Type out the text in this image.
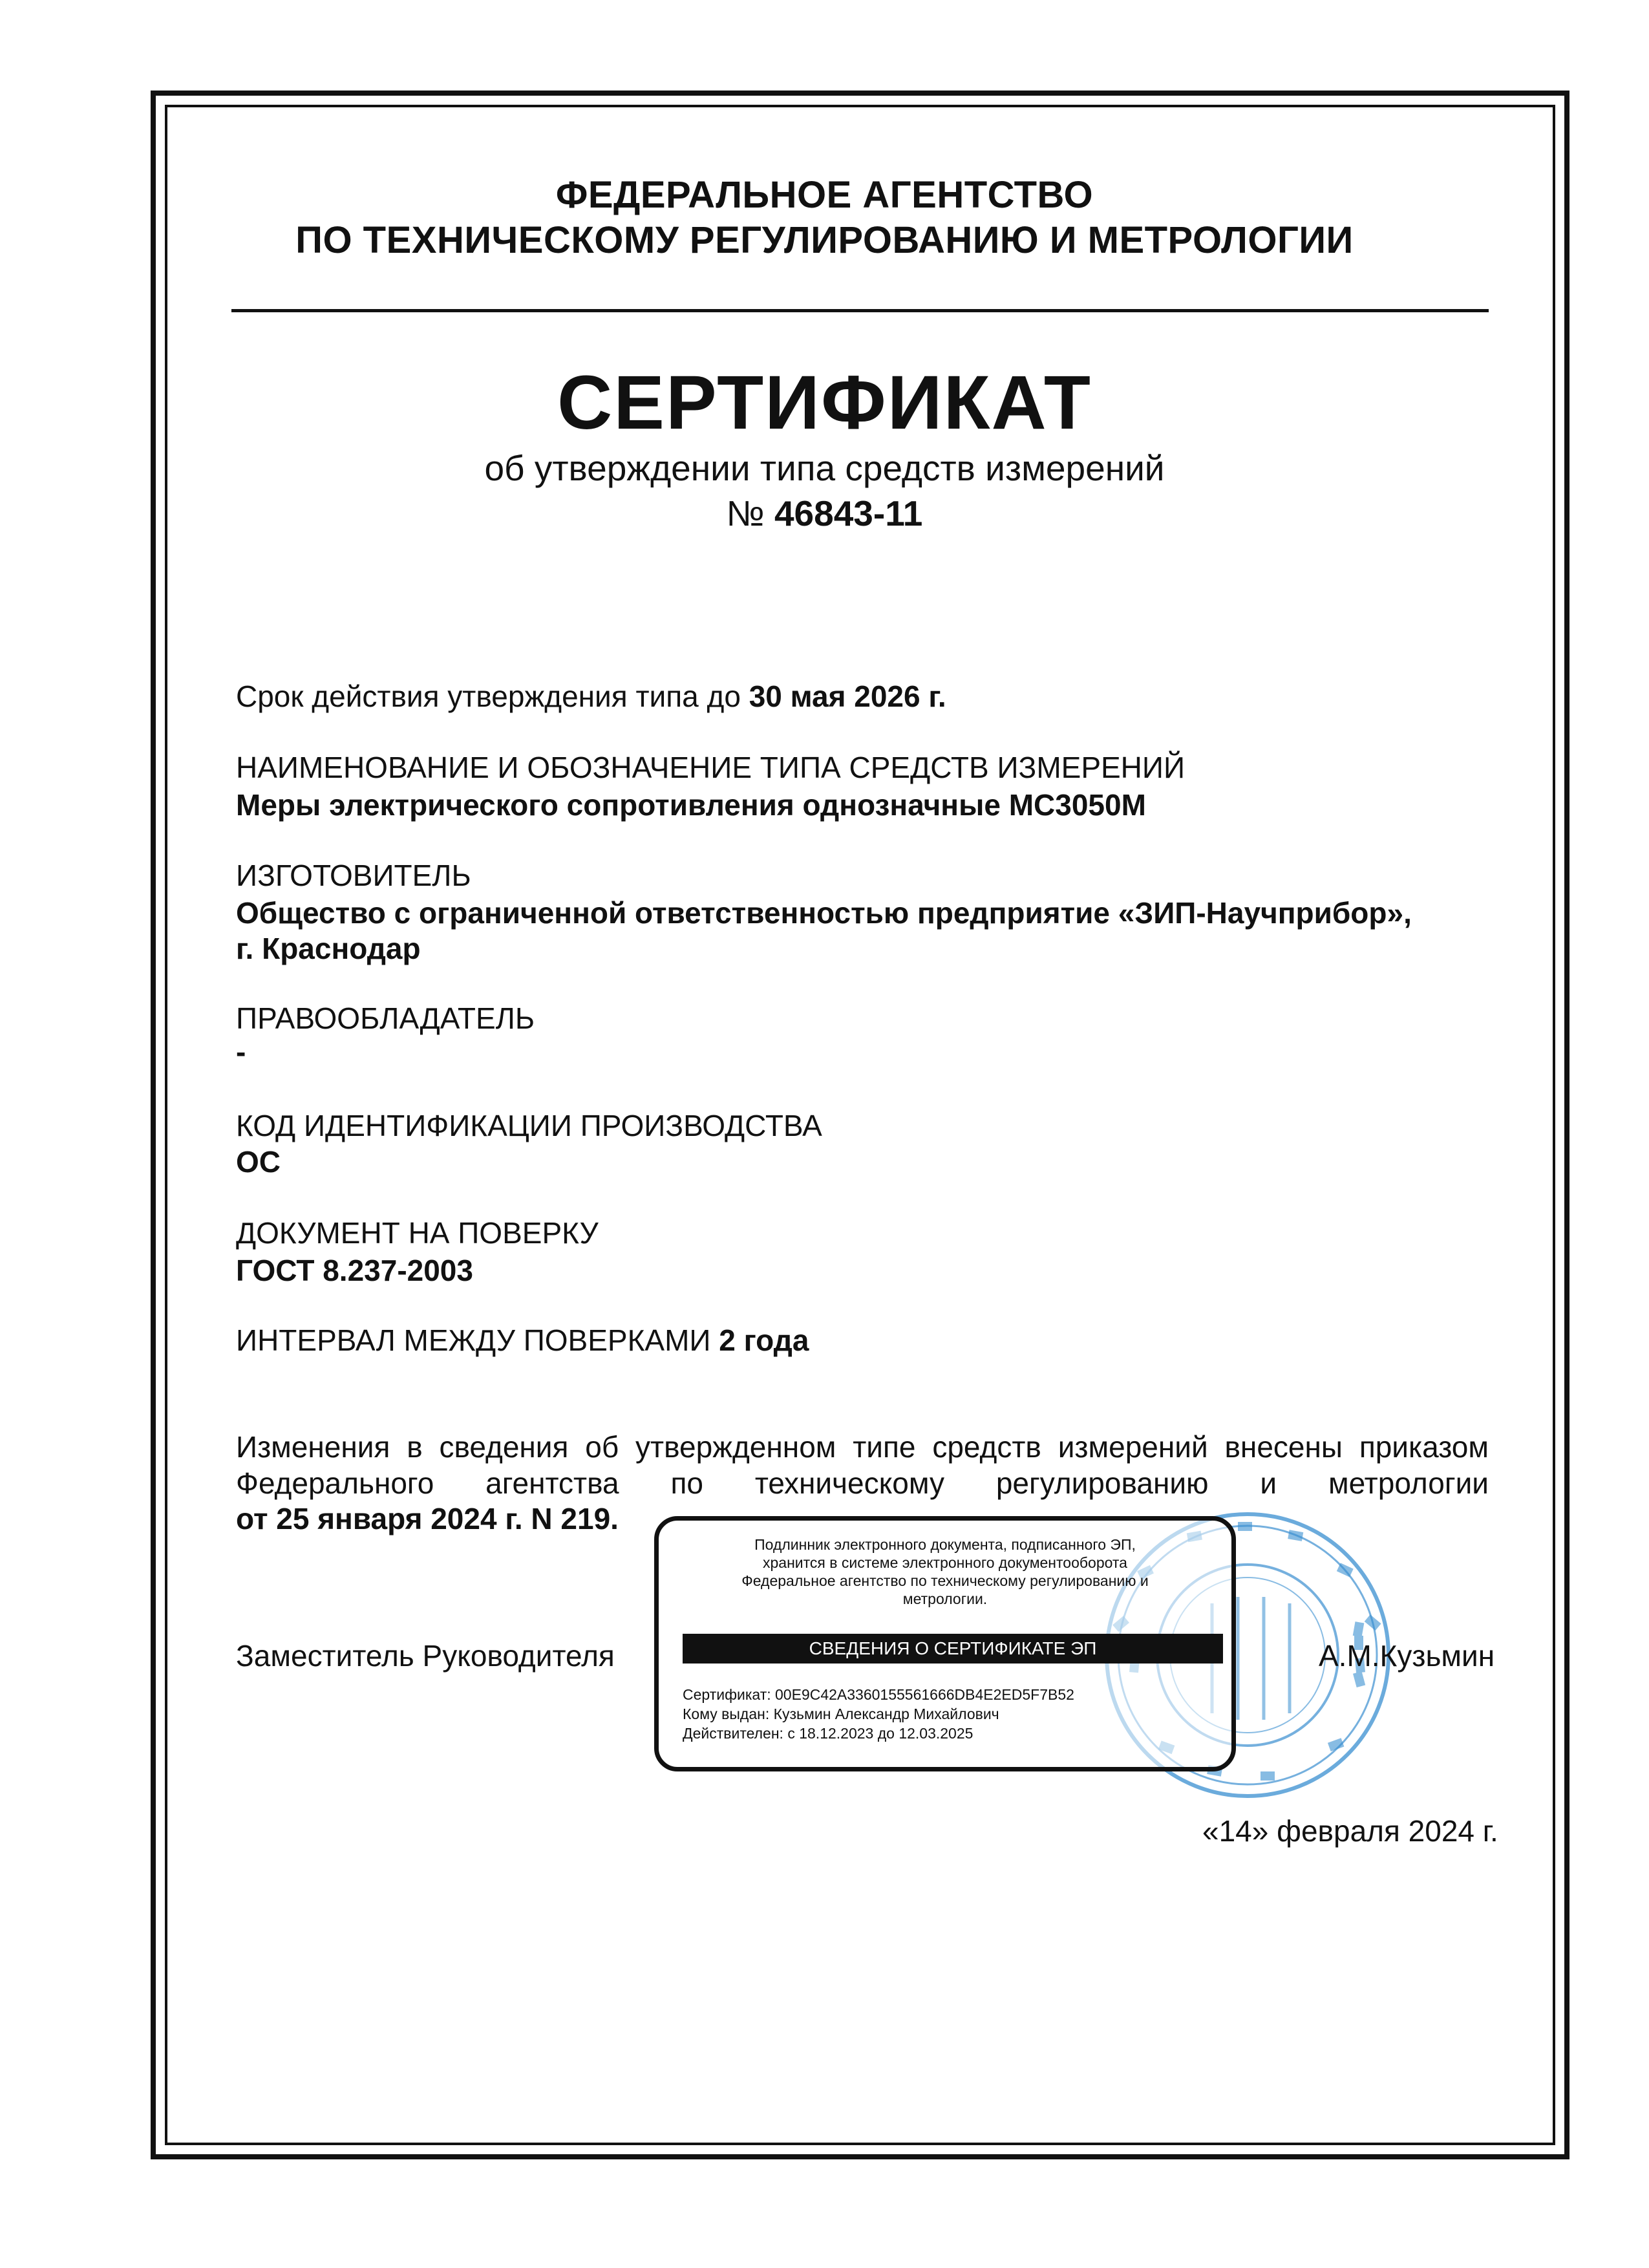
ФЕДЕРАЛЬНОЕ АГЕНТСТВО
ПО ТЕХНИЧЕСКОМУ РЕГУЛИРОВАНИЮ И МЕТРОЛОГИИ
СЕРТИФИКАТ
об утверждении типа средств измерений
№ 46843-11
Срок действия утверждения типа до 30 мая 2026 г.
НАИМЕНОВАНИЕ И ОБОЗНАЧЕНИЕ ТИПА СРЕДСТВ ИЗМЕРЕНИЙ
Меры электрического сопротивления однозначные МС3050М
ИЗГОТОВИТЕЛЬ
Общество с ограниченной ответственностью предприятие «ЗИП-Научприбор»,
г. Краснодар
ПРАВООБЛАДАТЕЛЬ
-
КОД ИДЕНТИФИКАЦИИ ПРОИЗВОДСТВА
ОС
ДОКУМЕНТ НА ПОВЕРКУ
ГОСТ 8.237-2003
ИНТЕРВАЛ МЕЖДУ ПОВЕРКАМИ 2 года
Изменения в сведения об утвержденном типе средств измерений внесены приказом
Федерального агентства по техническому регулированию и метрологии
от 25 января 2024 г. N 219.
Подлинник электронного документа, подписанного ЭП,
хранится в системе электронного документооборота
Федеральное агентство по техническому регулированию и
метрологии.
СВЕДЕНИЯ О СЕРТИФИКАТЕ ЭП
Сертификат: 00E9C42A3360155561666DB4E2ED5F7B52
Кому выдан: Кузьмин Александр Михайлович
Действителен: с 18.12.2023 до 12.03.2025
Заместитель Руководителя	А.М.Кузьмин
«14» февраля 2024 г.
